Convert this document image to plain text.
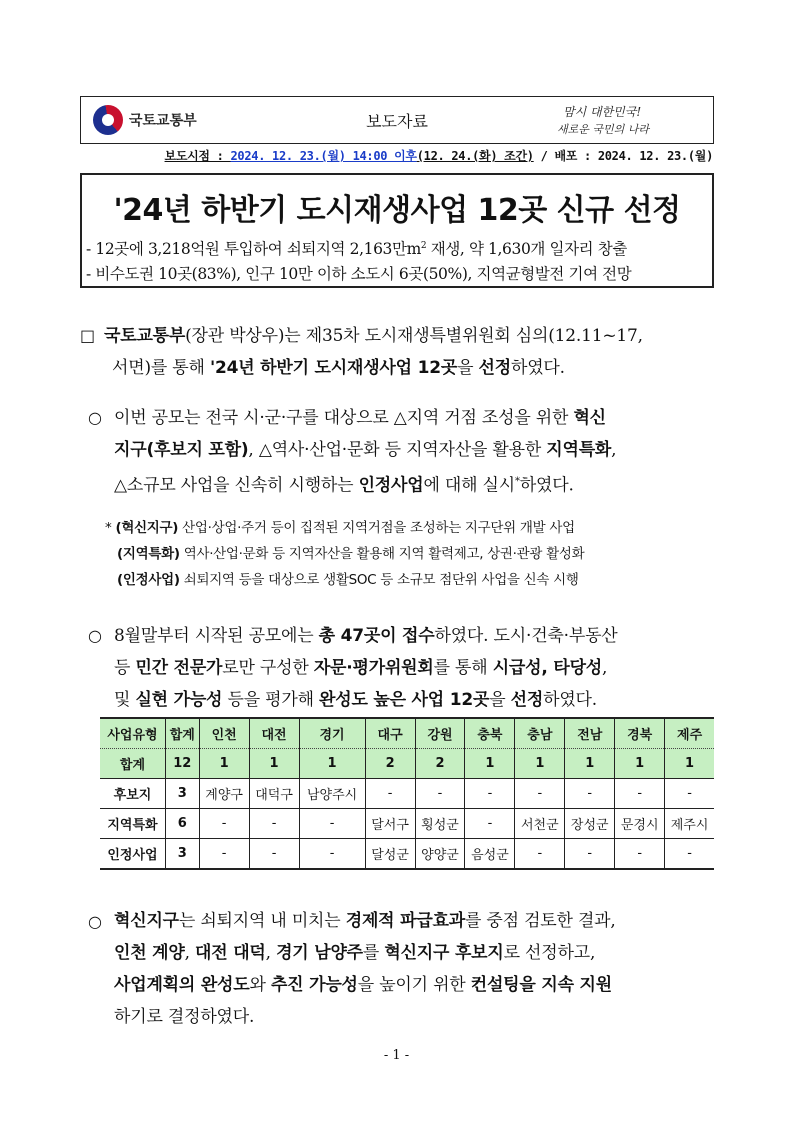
국토교통부	보도자료	맘시 대한민국!
새로운 국민의 나라
보도시점 : 2024. 12. 23.(월) 14:00 이후(12. 24.(화) 조간) / 배포 : 2024. 12. 23.(월)
'24년 하반기 도시재생사업 12곳 신규 선정
- 12곳에 3,218억원 투입하여 쇠퇴지역 2,163만$m^2$ 재생, 약 1,630개 일자리 창출
- 비수도권 10곳(83%), 인구 10만 이하 소도시 6곳(50%), 지역균형발전 기여 전망
□ 국토교통부(장관 박상우)는 제35차 도시재생특별위원회 심의(12.11~17,
서면)를 통해 '24년 하반기 도시재생사업 12곳을 선정하였다.
○ 이번 공모는 전국 시·군·구를 대상으로 △지역 거점 조성을 위한 혁신
지구(후보지 포함), △역사·산업·문화 등 지역자산을 활용한 지역특화,
△소규모 사업을 신속히 시행하는 인정사업에 대해 실시*하였다.
* (혁신지구) 산업·상업·주거 등이 집적된 지역거점을 조성하는 지구단위 개발 사업
(지역특화) 역사·산업·문화 등 지역자산을 활용해 지역 활력제고, 상권·관광 활성화
(인정사업) 쇠퇴지역 등을 대상으로 생활SOC 등 소규모 점단위 사업을 신속 시행
○ 8월말부터 시작된 공모에는 총 47곳이 접수하였다. 도시·건축·부동산
등 민간 전문가로만 구성한 자문·평가위원회를 통해 시급성, 타당성,
및 실현 가능성 등을 평가해 완성도 높은 사업 12곳을 선정하였다.
사업유형	합계	인천	대전	경기	대구	강원	충북	충남	전남	경북	제주
합계	12	1	1	1	2	2	1	1	1	1	1
후보지	3	계양구	대덕구	남양주시	-	-	-	-	-	-	-
지역특화	6	-	-	-	달서구	횡성군	-	서천군	장성군	문경시	제주시
인정사업	3	-	-	-	달성군	양양군	음성군	-	-	-	-
○ 혁신지구는 쇠퇴지역 내 미치는 경제적 파급효과를 중점 검토한 결과,
인천 계양, 대전 대덕, 경기 남양주를 혁신지구 후보지로 선정하고,
사업계획의 완성도와 추진 가능성을 높이기 위한 컨설팅을 지속 지원
하기로 결정하였다.
- 1 -
